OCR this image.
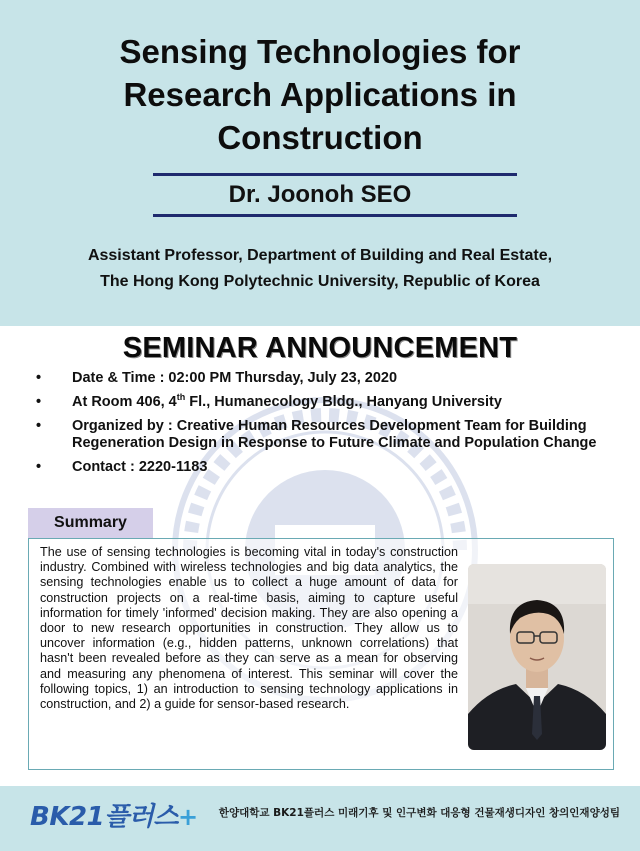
Sensing Technologies for
Research Applications in
Construction
Dr. Joonoh SEO
Assistant Professor, Department of Building and Real Estate,
The Hong Kong Polytechnic University, Republic of Korea
SEMINAR ANNOUNCEMENT
• Date & Time : 02:00 PM Thursday, July 23, 2020
• At Room 406, 4th Fl., Humanecology Bldg., Hanyang University
• Organized by : Creative Human Resources Development Team for Building Regeneration Design in Response to Future Climate and Population Change
• Contact : 2220-1183
Summary
The use of sensing technologies is becoming vital in today's construction industry. Combined with wireless technologies and big data analytics, the sensing technologies enable us to collect a huge amount of data for construction projects on a real-time basis, aiming to capture useful information for timely 'informed' decision making. They are also opening a door to new research opportunities in construction. They allow us to uncover information (e.g., hidden patterns, unknown correlations) that hasn't been revealed before as they can serve as a mean for observing and measuring any phenomena of interest. This seminar will cover the following topics, 1) an introduction to sensing technology applications in construction, and 2) a guide for sensor-based research.
BK21플러스+	한양대학교 BK21플러스 미래기후 및 인구변화 대응형 건물재생디자인 창의인재양성팀
